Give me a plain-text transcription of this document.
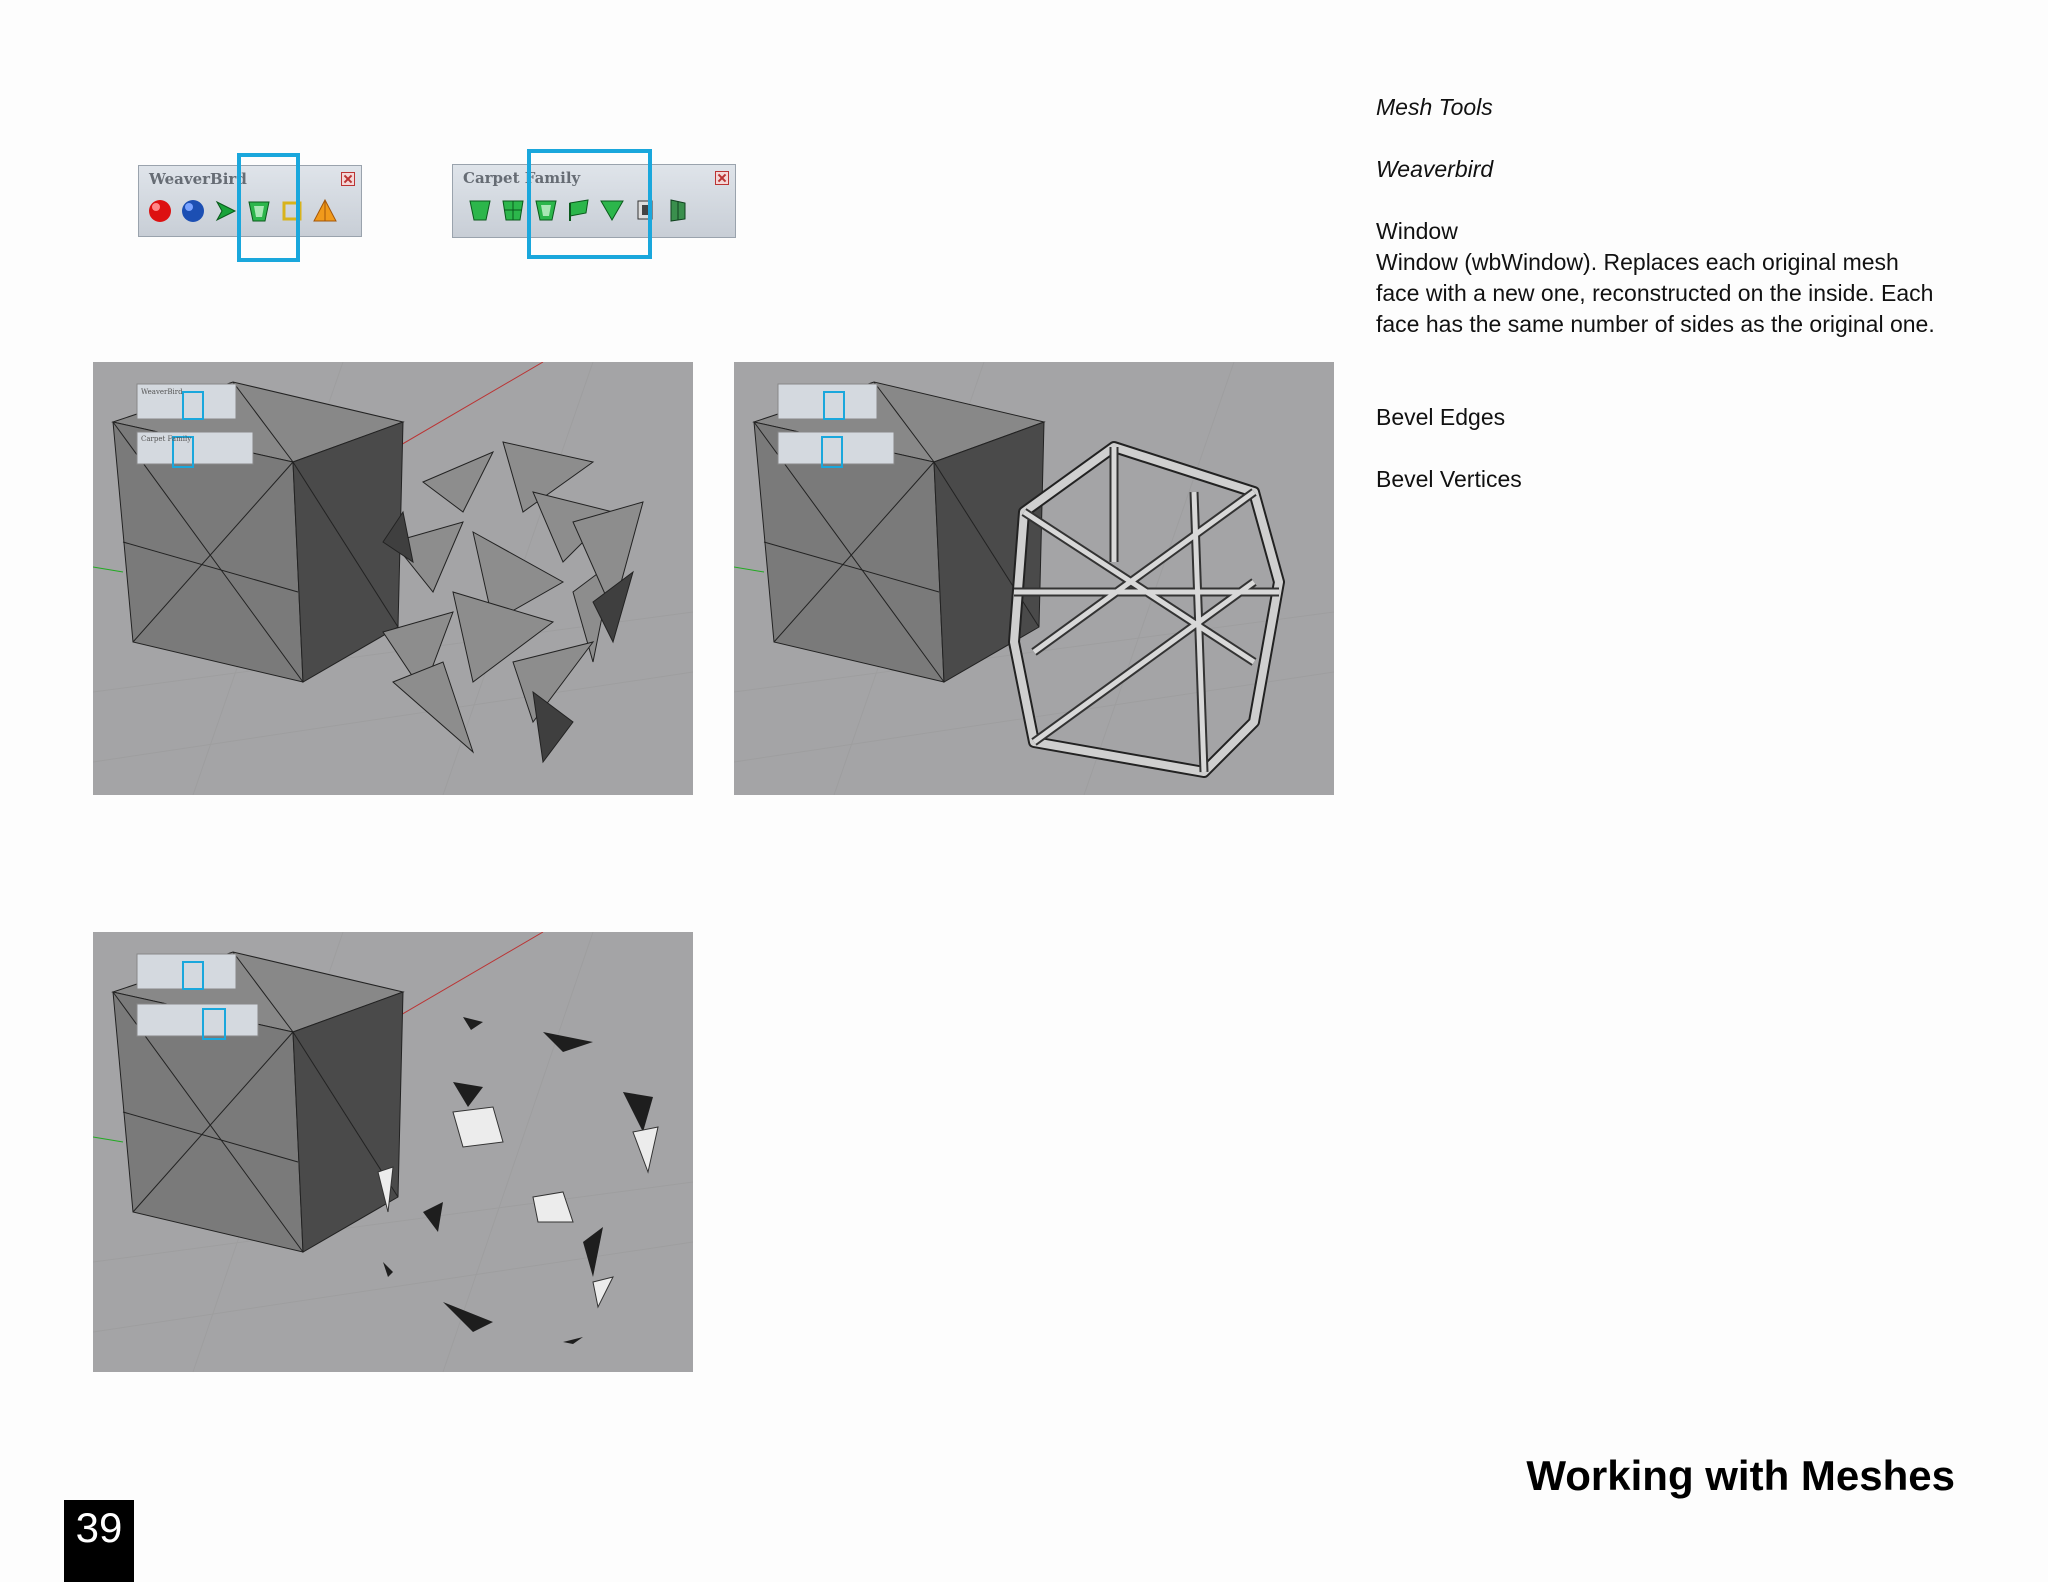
WeaverBird	Carpet Family
WeaverBird
Carpet Family
Mesh Tools
Weaverbird
Window
Window (wbWindow). Replaces each original mesh face with a new one, reconstructed on the inside. Each face has the same number of sides as the original one.
Bevel Edges
Bevel Vertices
Working with Meshes
39
